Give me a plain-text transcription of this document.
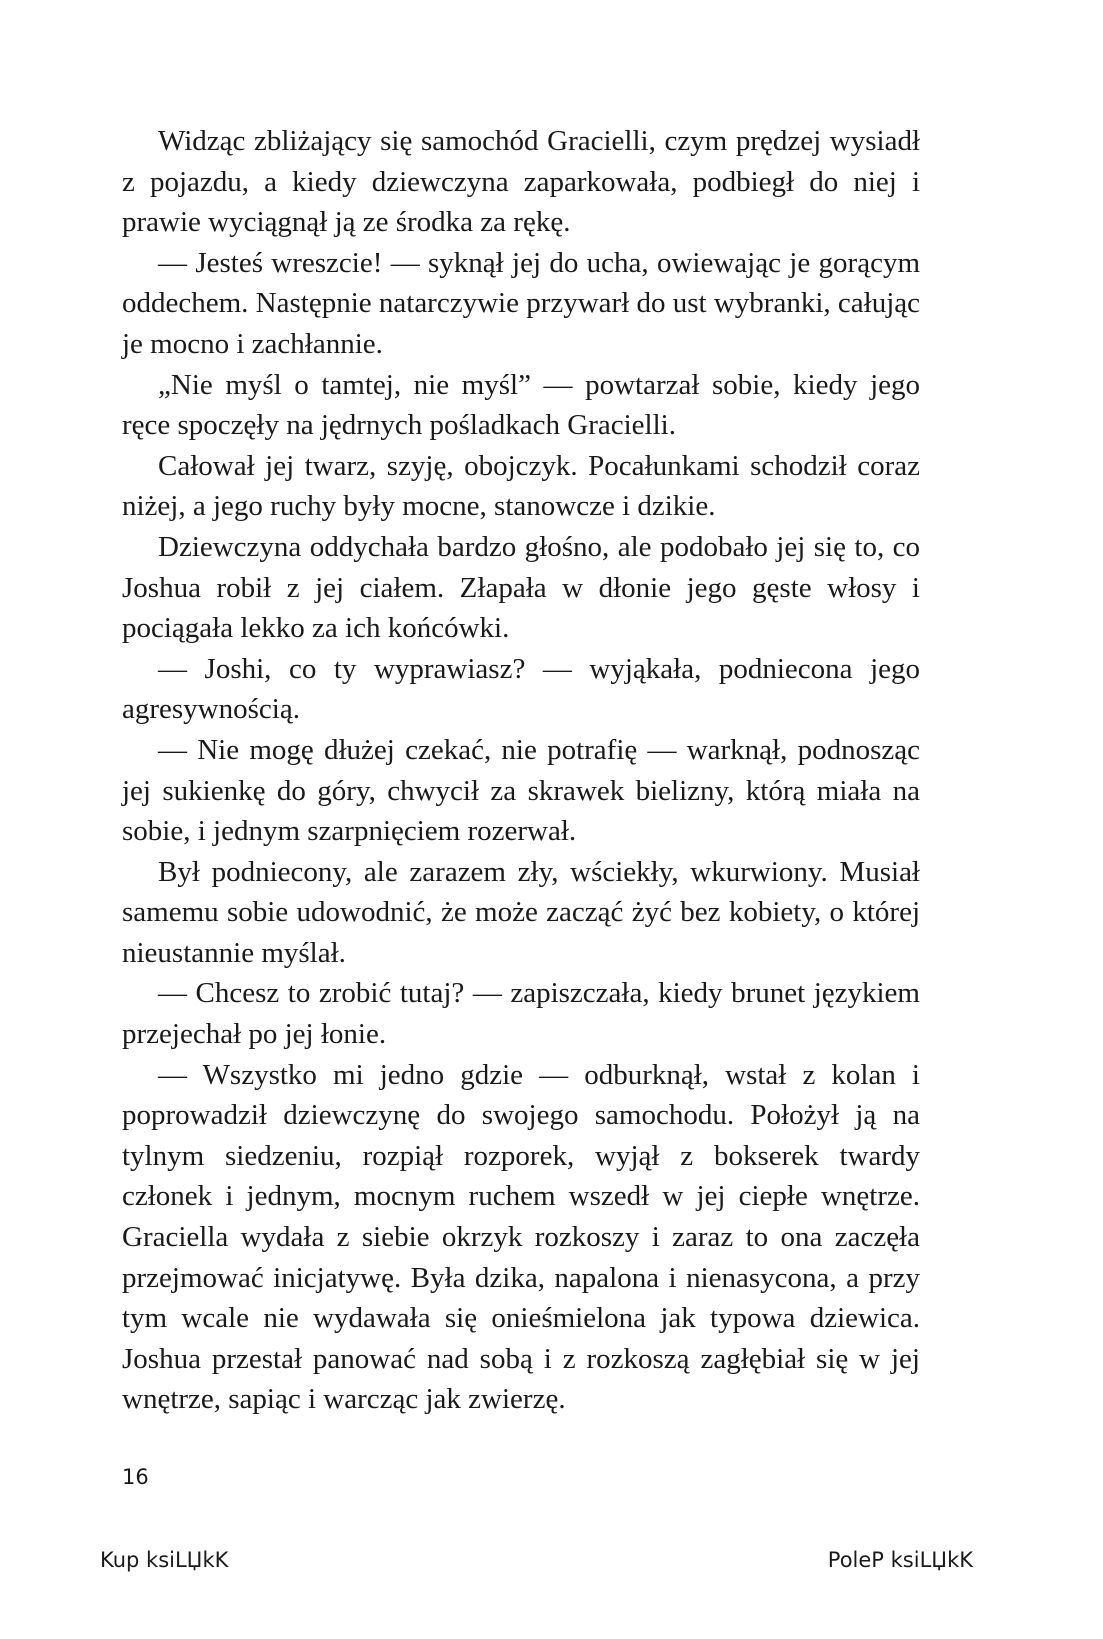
Widząc zbliżający się samochód Gracielli, czym prędzej wysiadł z pojazdu, a kiedy dziewczyna zaparkowała, podbiegł do niej i prawie wyciągnął ją ze środka za rękę.

— Jesteś wreszcie! — syknął jej do ucha, owiewając je gorącym oddechem. Następnie natarczywie przywarł do ust wybranki, całując je mocno i zachłannie.

„Nie myśl o tamtej, nie myśl” — powtarzał sobie, kiedy jego ręce spoczęły na jędrnych pośladkach Gracielli.

Całował jej twarz, szyję, obojczyk. Pocałunkami schodził coraz niżej, a jego ruchy były mocne, stanowcze i dzikie.

Dziewczyna oddychała bardzo głośno, ale podobało jej się to, co Joshua robił z jej ciałem. Złapała w dłonie jego gęste włosy i pociągała lekko za ich końcówki.

— Joshi, co ty wyprawiasz? — wyjąkała, podniecona jego agresywnością.

— Nie mogę dłużej czekać, nie potrafię — warknął, podnosząc jej sukienkę do góry, chwycił za skrawek bielizny, którą miała na sobie, i jednym szarpnięciem rozerwał.

Był podniecony, ale zarazem zły, wściekły, wkurwiony. Musiał samemu sobie udowodnić, że może zacząć żyć bez kobiety, o której nieustannie myślał.

— Chcesz to zrobić tutaj? — zapiszczała, kiedy brunet językiem przejechał po jej łonie.

— Wszystko mi jedno gdzie — odburknął, wstał z kolan i poprowadził dziewczynę do swojego samochodu. Położył ją na tylnym siedzeniu, rozpiął rozporek, wyjął z bokserek twardy członek i jednym, mocnym ruchem wszedł w jej ciepłe wnętrze. Graciella wydała z siebie okrzyk rozkoszy i zaraz to ona zaczęła przejmować inicjatywę. Była dzika, napalona i nienasycona, a przy tym wcale nie wydawała się onieśmielona jak typowa dziewica. Joshua przestał panować nad sobą i z rozkoszą zagłębiał się w jej wnętrze, sapiąc i warcząc jak zwierzę.

16
Kup ksiLЏkK	PoleP ksiLЏkK
